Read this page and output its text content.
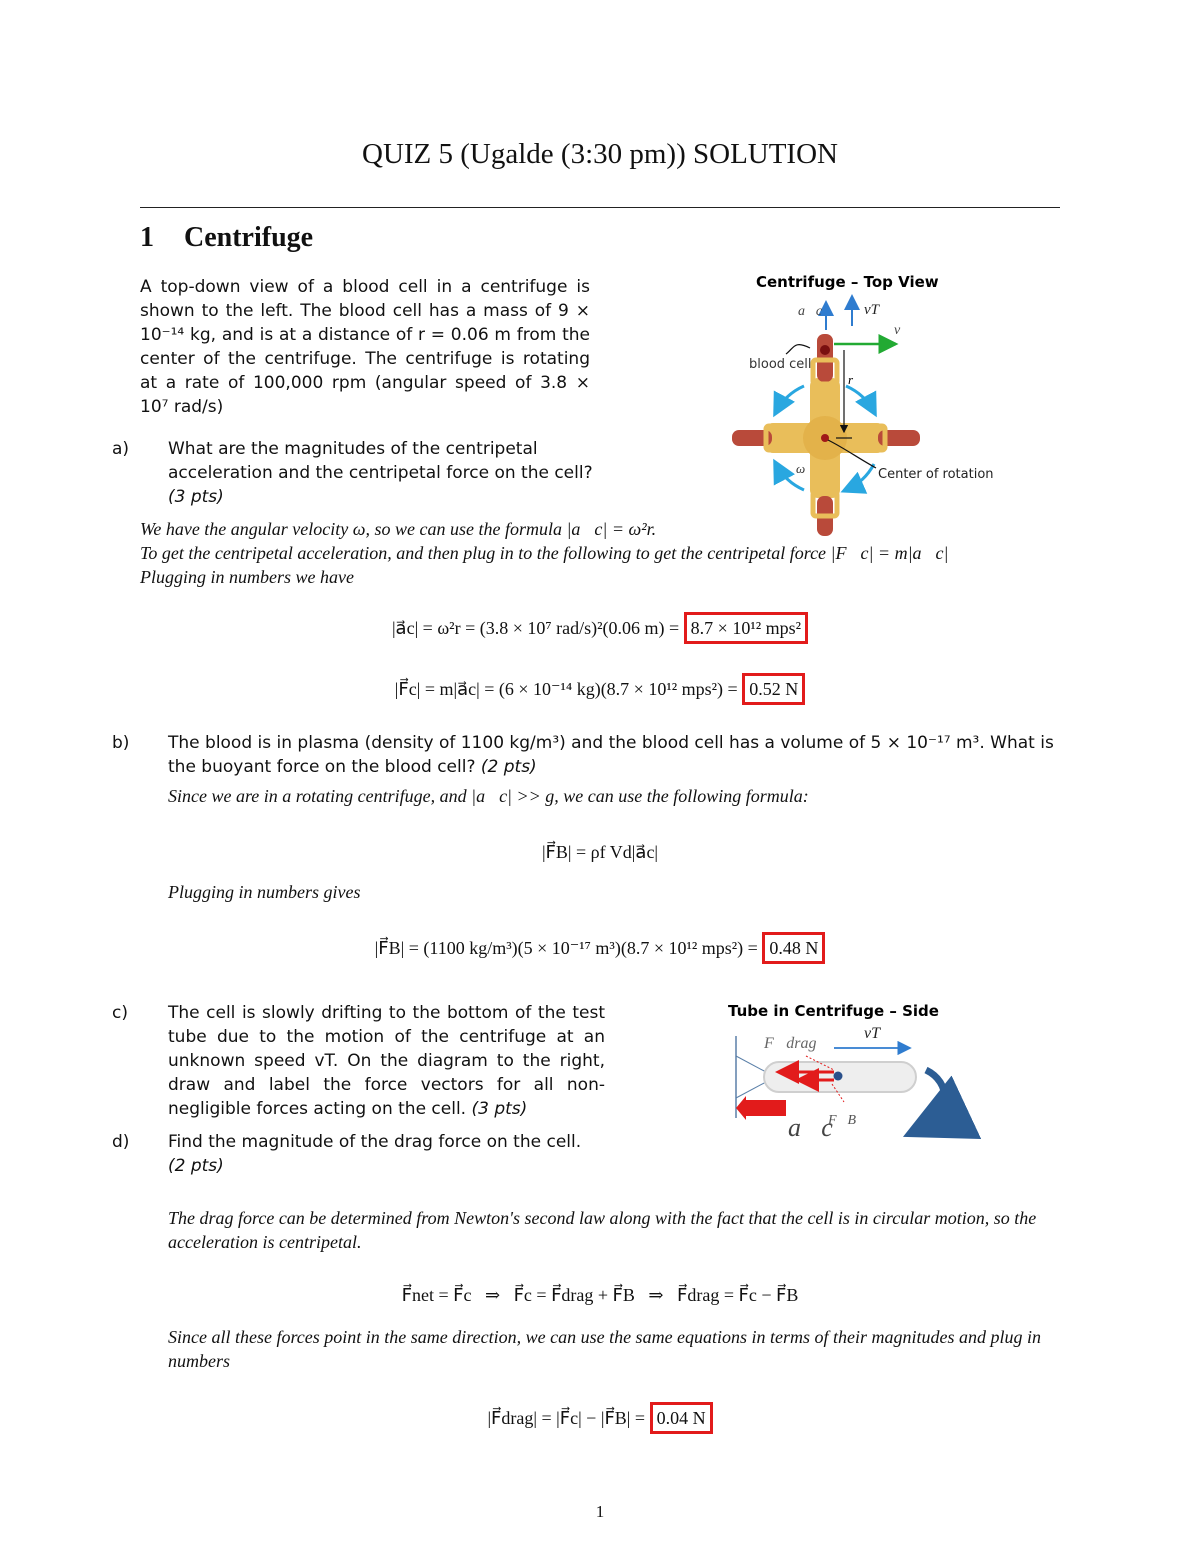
QUIZ 5 (Ugalde (3:30 pm)) SOLUTION
1 Centrifuge
A top-down view of a blood cell in a centrifuge is shown to the left. The blood cell has a mass of 9 × 10⁻¹⁴ kg, and is at a distance of r = 0.06 m from the center of the centrifuge. The centrifuge is rotating at a rate of 100,000 rpm (angular speed of 3.8 × 10⁷ rad/s)
a) What are the magnitudes of the centripetal acceleration and the centripetal force on the cell?
(3 pts)
Centrifuge – Top View
a⃗c	vT
v⃗
r
blood cell
ω	Center of rotation
We have the angular velocity ω, so we can use the formula |a⃗c| = ω²r.
To get the centripetal acceleration, and then plug in to the following to get the centripetal force |F⃗c| = m|a⃗c|
Plugging in numbers we have
|a⃗c| = ω²r = (3.8 × 10⁷ rad/s)²(0.06 m) = 8.7 × 10¹² mps²
|F⃗c| = m|a⃗c| = (6 × 10⁻¹⁴ kg)(8.7 × 10¹² mps²) = 0.52 N
b) The blood is in plasma (density of 1100 kg/m³) and the blood cell has a volume of 5 × 10⁻¹⁷ m³. What is the buoyant force on the blood cell? (2 pts)
Since we are in a rotating centrifuge, and |a⃗c| >> g, we can use the following formula:
|F⃗B| = ρf Vd|a⃗c|
Plugging in numbers gives
|F⃗B| = (1100 kg/m³)(5 × 10⁻¹⁷ m³)(8.7 × 10¹² mps²) = 0.48 N
c) The cell is slowly drifting to the bottom of the test tube due to the motion of the centrifuge at an unknown speed vT. On the diagram to the right, draw and label the force vectors for all non-negligible forces acting on the cell. (3 pts)
Tube in Centrifuge – Side
F⃗drag
vT
a⃗c
F⃗B
d) Find the magnitude of the drag force on the cell.
(2 pts)
The drag force can be determined from Newton's second law along with the fact that the cell is in circular motion, so the acceleration is centripetal.
F⃗net = F⃗c   ⇒   F⃗c = F⃗drag + F⃗B   ⇒   F⃗drag = F⃗c − F⃗B
Since all these forces point in the same direction, we can use the same equations in terms of their magnitudes and plug in numbers
|F⃗drag| = |F⃗c| − |F⃗B| = 0.04 N
1
